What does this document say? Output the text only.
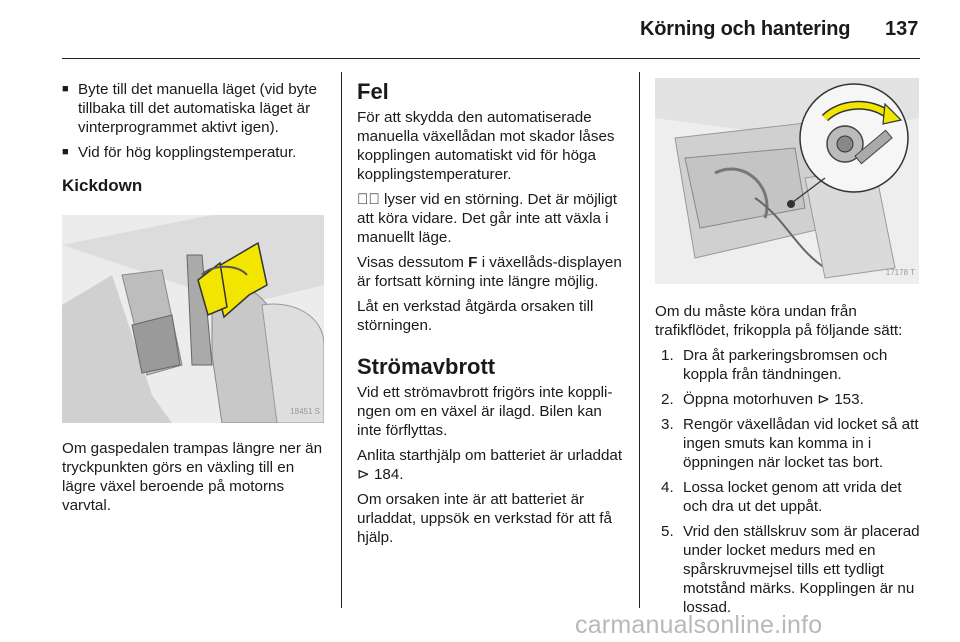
Körning och hantering 137
■ Byte till det manuella läget (vid byte tillbaka till det automatiska läget är vinterprogrammet aktivt igen).
■ Vid för hög kopplingstemperatur.
Kickdown
18451 S

Om gaspedalen trampas längre ner än tryckpunkten görs en växling till en lägre växel beroende på motorns varvtal.

Fel

För att skydda den automatiserade manuella växellådan mot skador låses kopplingen automatiskt vid för höga kopplingstemperaturer.

⊲⃒ lyser vid en störning. Det är möjligt att köra vidare. Det går inte att växla i manuellt läge.

Visas dessutom F i växellåds-displayen är fortsatt körning inte längre möjlig.

Låt en verkstad åtgärda orsaken till störningen.

Strömavbrott

Vid ett strömavbrott frigörs inte kopplingen om en växel är ilagd. Bilen kan inte förflyttas.

Anlita starthjälp om batteriet är urladdat ⊳ 184.

Om orsaken inte är att batteriet är urladdat, uppsök en verkstad för att få hjälp.

17178 T

Om du måste köra undan från trafikflödet, frikoppla på följande sätt:

1. Dra åt parkeringsbromsen och koppla från tändningen.
2. Öppna motorhuven ⊳ 153.
3. Rengör växellådan vid locket så att ingen smuts kan komma in i öppningen när locket tas bort.
4. Lossa locket genom att vrida det och dra ut det uppåt.
5. Vrid den ställskruv som är placerad under locket medurs med en spårskruvmejsel tills ett tydligt motstånd märks. Kopplingen är nu lossad.
carmanualsonline.info
